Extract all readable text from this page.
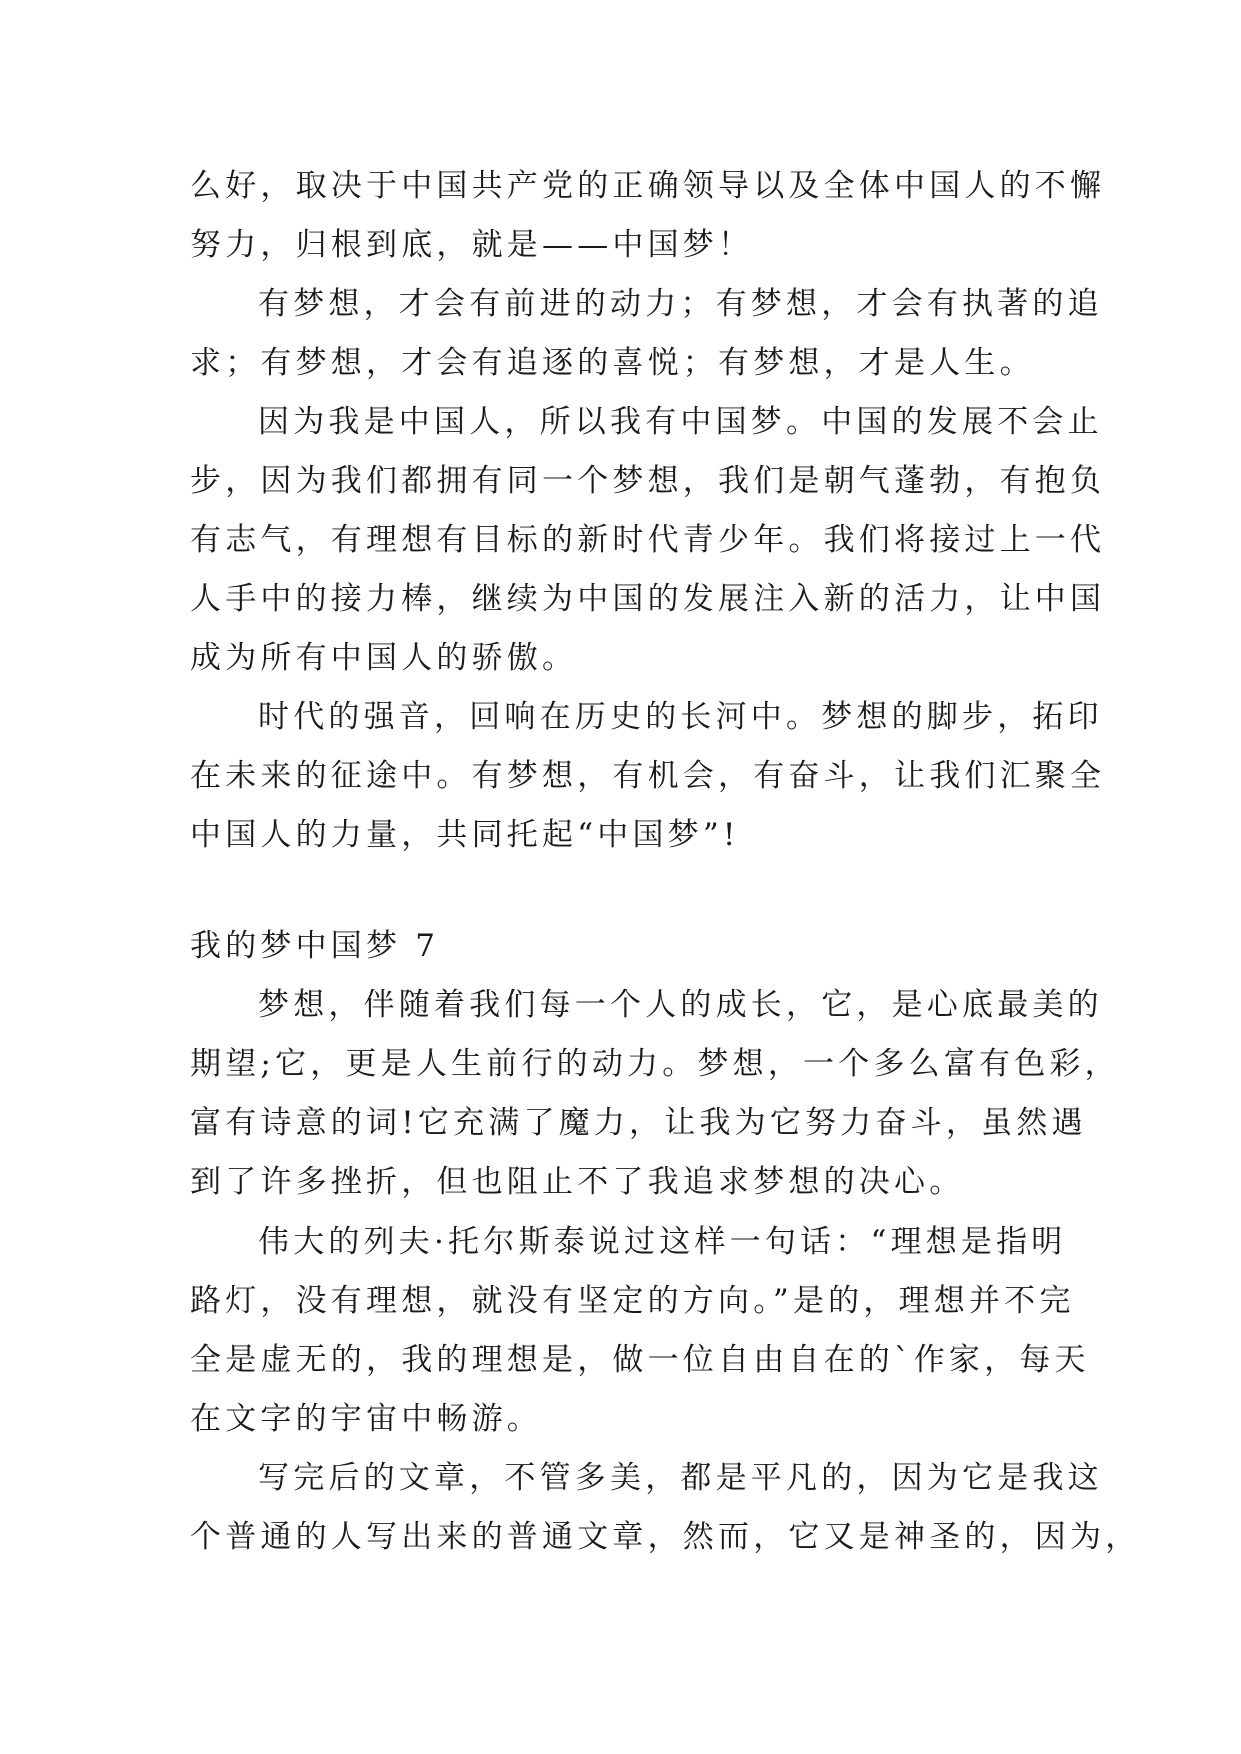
么好，取决于中国共产党的正确领导以及全体中国人的不懈
努力，归根到底，就是——中国梦！
有梦想，才会有前进的动力；有梦想，才会有执著的追
求；有梦想，才会有追逐的喜悦；有梦想，才是人生。
因为我是中国人，所以我有中国梦。中国的发展不会止
步，因为我们都拥有同一个梦想，我们是朝气蓬勃，有抱负
有志气，有理想有目标的新时代青少年。我们将接过上一代
人手中的接力棒，继续为中国的发展注入新的活力，让中国
成为所有中国人的骄傲。
时代的强音，回响在历史的长河中。梦想的脚步，拓印
在未来的征途中。有梦想，有机会，有奋斗，让我们汇聚全
中国人的力量，共同托起“中国梦”!
我的梦中国梦 7
梦想，伴随着我们每一个人的成长，它，是心底最美的
期望;它，更是人生前行的动力。梦想，一个多么富有色彩，
富有诗意的词!它充满了魔力，让我为它努力奋斗，虽然遇
到了许多挫折，但也阻止不了我追求梦想的决心。
伟大的列夫·托尔斯泰说过这样一句话：“理想是指明
路灯，没有理想，就没有坚定的方向。”是的，理想并不完
全是虚无的，我的理想是，做一位自由自在的`作家，每天
在文字的宇宙中畅游。
写完后的文章，不管多美，都是平凡的，因为它是我这
个普通的人写出来的普通文章，然而，它又是神圣的，因为，
